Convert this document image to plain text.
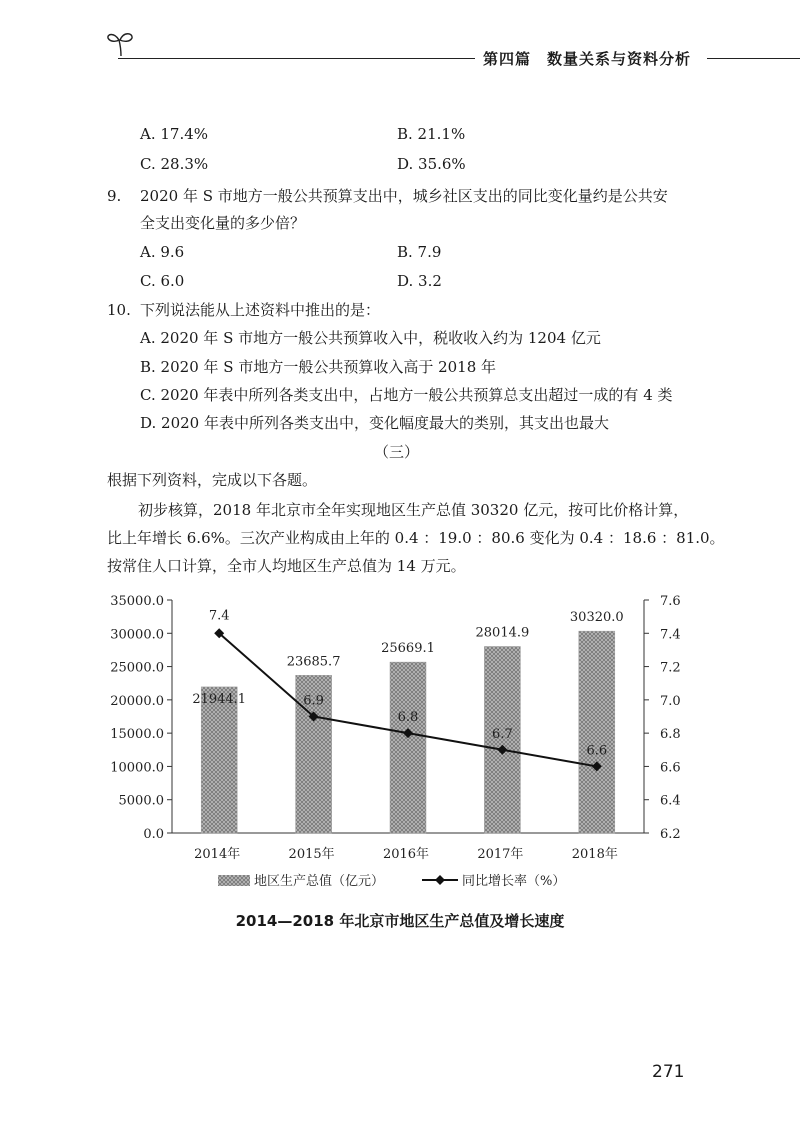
第四篇　数量关系与资料分析
A. 17.4%	B. 21.1%
C. 28.3%	D. 35.6%
9. 2020 年 S 市地方一般公共预算支出中，城乡社区支出的同比变化量约是公共安
全支出变化量的多少倍？
A. 9.6	B. 7.9
C. 6.0	D. 3.2
10. 下列说法能从上述资料中推出的是：
A. 2020 年 S 市地方一般公共预算收入中，税收收入约为 1204 亿元
B. 2020 年 S 市地方一般公共预算收入高于 2018 年
C. 2020 年表中所列各类支出中，占地方一般公共预算总支出超过一成的有 4 类
D. 2020 年表中所列各类支出中，变化幅度最大的类别，其支出也最大
（三）
根据下列资料，完成以下各题。
初步核算，2018 年北京市全年实现地区生产总值 30320 亿元，按可比价格计算，
比上年增长 6.6%。三次产业构成由上年的 0.4 ：19.0 ：80.6 变化为 0.4 ：18.6 ：81.0。
按常住人口计算，全市人均地区生产总值为 14 万元。
0.0
5000.0
10000.0
15000.0
20000.0
25000.0
30000.0
35000.0
6.2
6.4
6.6
6.8
7.0
7.2
7.4
7.6
21944.1
23685.7
25669.1
28014.9
30320.0
2014年	2015年	2016年	2017年	2018年
7.4
6.9
6.8
6.7
6.6
地区生产总值（亿元）	同比增长率（%）
2014—2018 年北京市地区生产总值及增长速度
271
